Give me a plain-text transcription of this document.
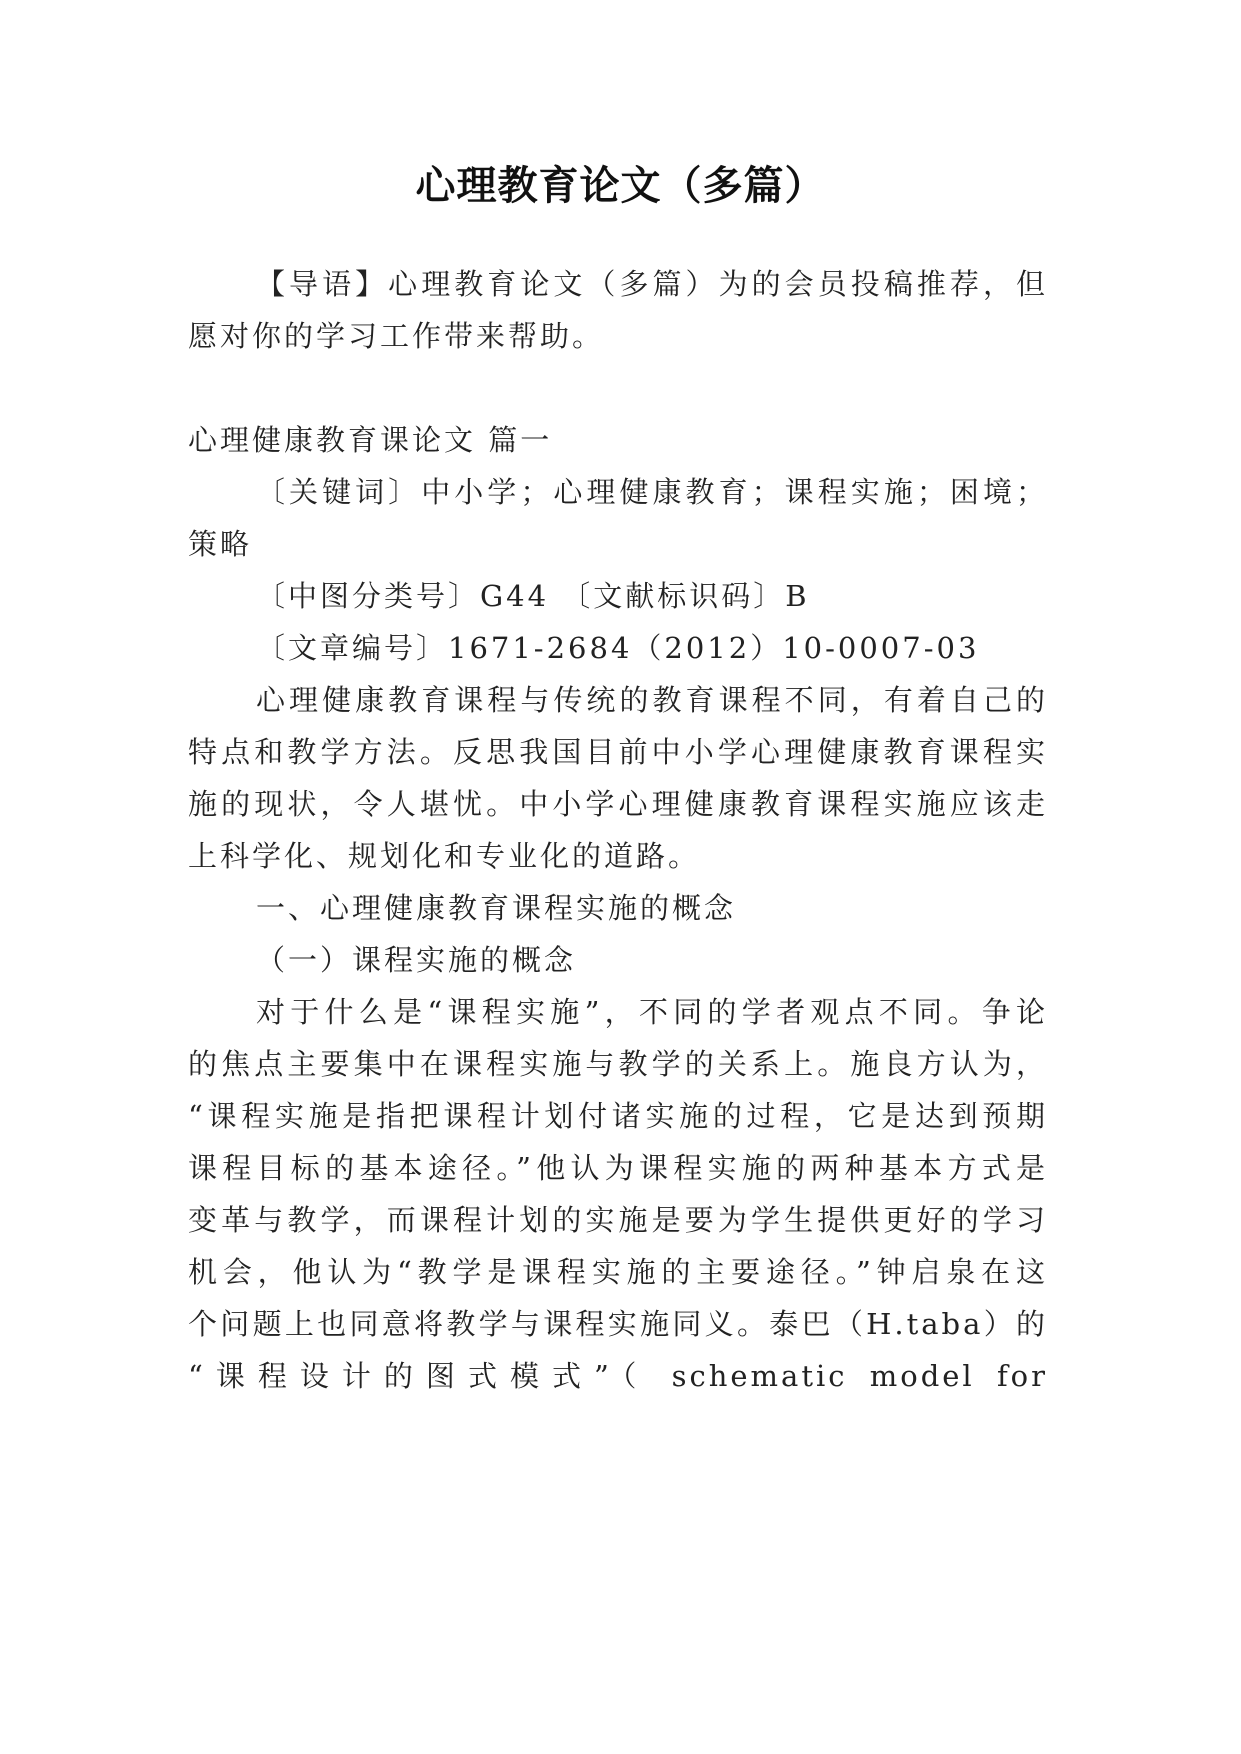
心理教育论文（多篇）
【导语】心理教育论文（多篇）为的会员投稿推荐，但
愿对你的学习工作带来帮助。
心理健康教育课论文 篇一
〔关键词〕中小学；心理健康教育；课程实施；困境；
策略
〔中图分类号〕G44 〔文献标识码〕B
〔文章编号〕1671-2684（2012）10-0007-03
心理健康教育课程与传统的教育课程不同，有着自己的
特点和教学方法。反思我国目前中小学心理健康教育课程实
施的现状，令人堪忧。中小学心理健康教育课程实施应该走
上科学化、规划化和专业化的道路。
一、心理健康教育课程实施的概念
（一）课程实施的概念
对于什么是“课程实施”，不同的学者观点不同。争论
的焦点主要集中在课程实施与教学的关系上。施良方认为，
“课程实施是指把课程计划付诸实施的过程，它是达到预期
课程目标的基本途径。”他认为课程实施的两种基本方式是
变革与教学，而课程计划的实施是要为学生提供更好的学习
机会，他认为“教学是课程实施的主要途径。”钟启泉在这
个问题上也同意将教学与课程实施同义。泰巴（H.taba）的
“课程设计的图式模式”（ schematic model for
